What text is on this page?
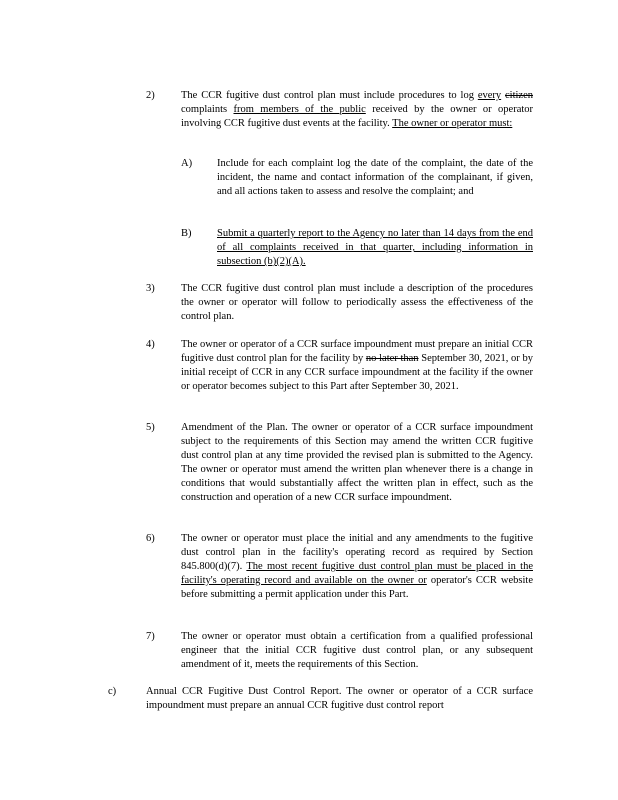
2)	The CCR fugitive dust control plan must include procedures to log every citizen complaints from members of the public received by the owner or operator involving CCR fugitive dust events at the facility. The owner or operator must:
A) Include for each complaint log the date of the complaint, the date of the incident, the name and contact information of the complainant, if given, and all actions taken to assess and resolve the complaint; and
B) Submit a quarterly report to the Agency no later than 14 days from the end of all complaints received in that quarter, including information in subsection (b)(2)(A).
3)	The CCR fugitive dust control plan must include a description of the procedures the owner or operator will follow to periodically assess the effectiveness of the control plan.
4)	The owner or operator of a CCR surface impoundment must prepare an initial CCR fugitive dust control plan for the facility by no later than September 30, 2021, or by initial receipt of CCR in any CCR surface impoundment at the facility if the owner or operator becomes subject to this Part after September 30, 2021.
5)	Amendment of the Plan. The owner or operator of a CCR surface impoundment subject to the requirements of this Section may amend the written CCR fugitive dust control plan at any time provided the revised plan is submitted to the Agency. The owner or operator must amend the written plan whenever there is a change in conditions that would substantially affect the written plan in effect, such as the construction and operation of a new CCR surface impoundment.
6)	The owner or operator must place the initial and any amendments to the fugitive dust control plan in the facility's operating record as required by Section 845.800(d)(7). The most recent fugitive dust control plan must be placed in the facility's operating record and available on the owner or operator's CCR website before submitting a permit application under this Part.
7)	The owner or operator must obtain a certification from a qualified professional engineer that the initial CCR fugitive dust control plan, or any subsequent amendment of it, meets the requirements of this Section.
c)	Annual CCR Fugitive Dust Control Report. The owner or operator of a CCR surface impoundment must prepare an annual CCR fugitive dust control report
